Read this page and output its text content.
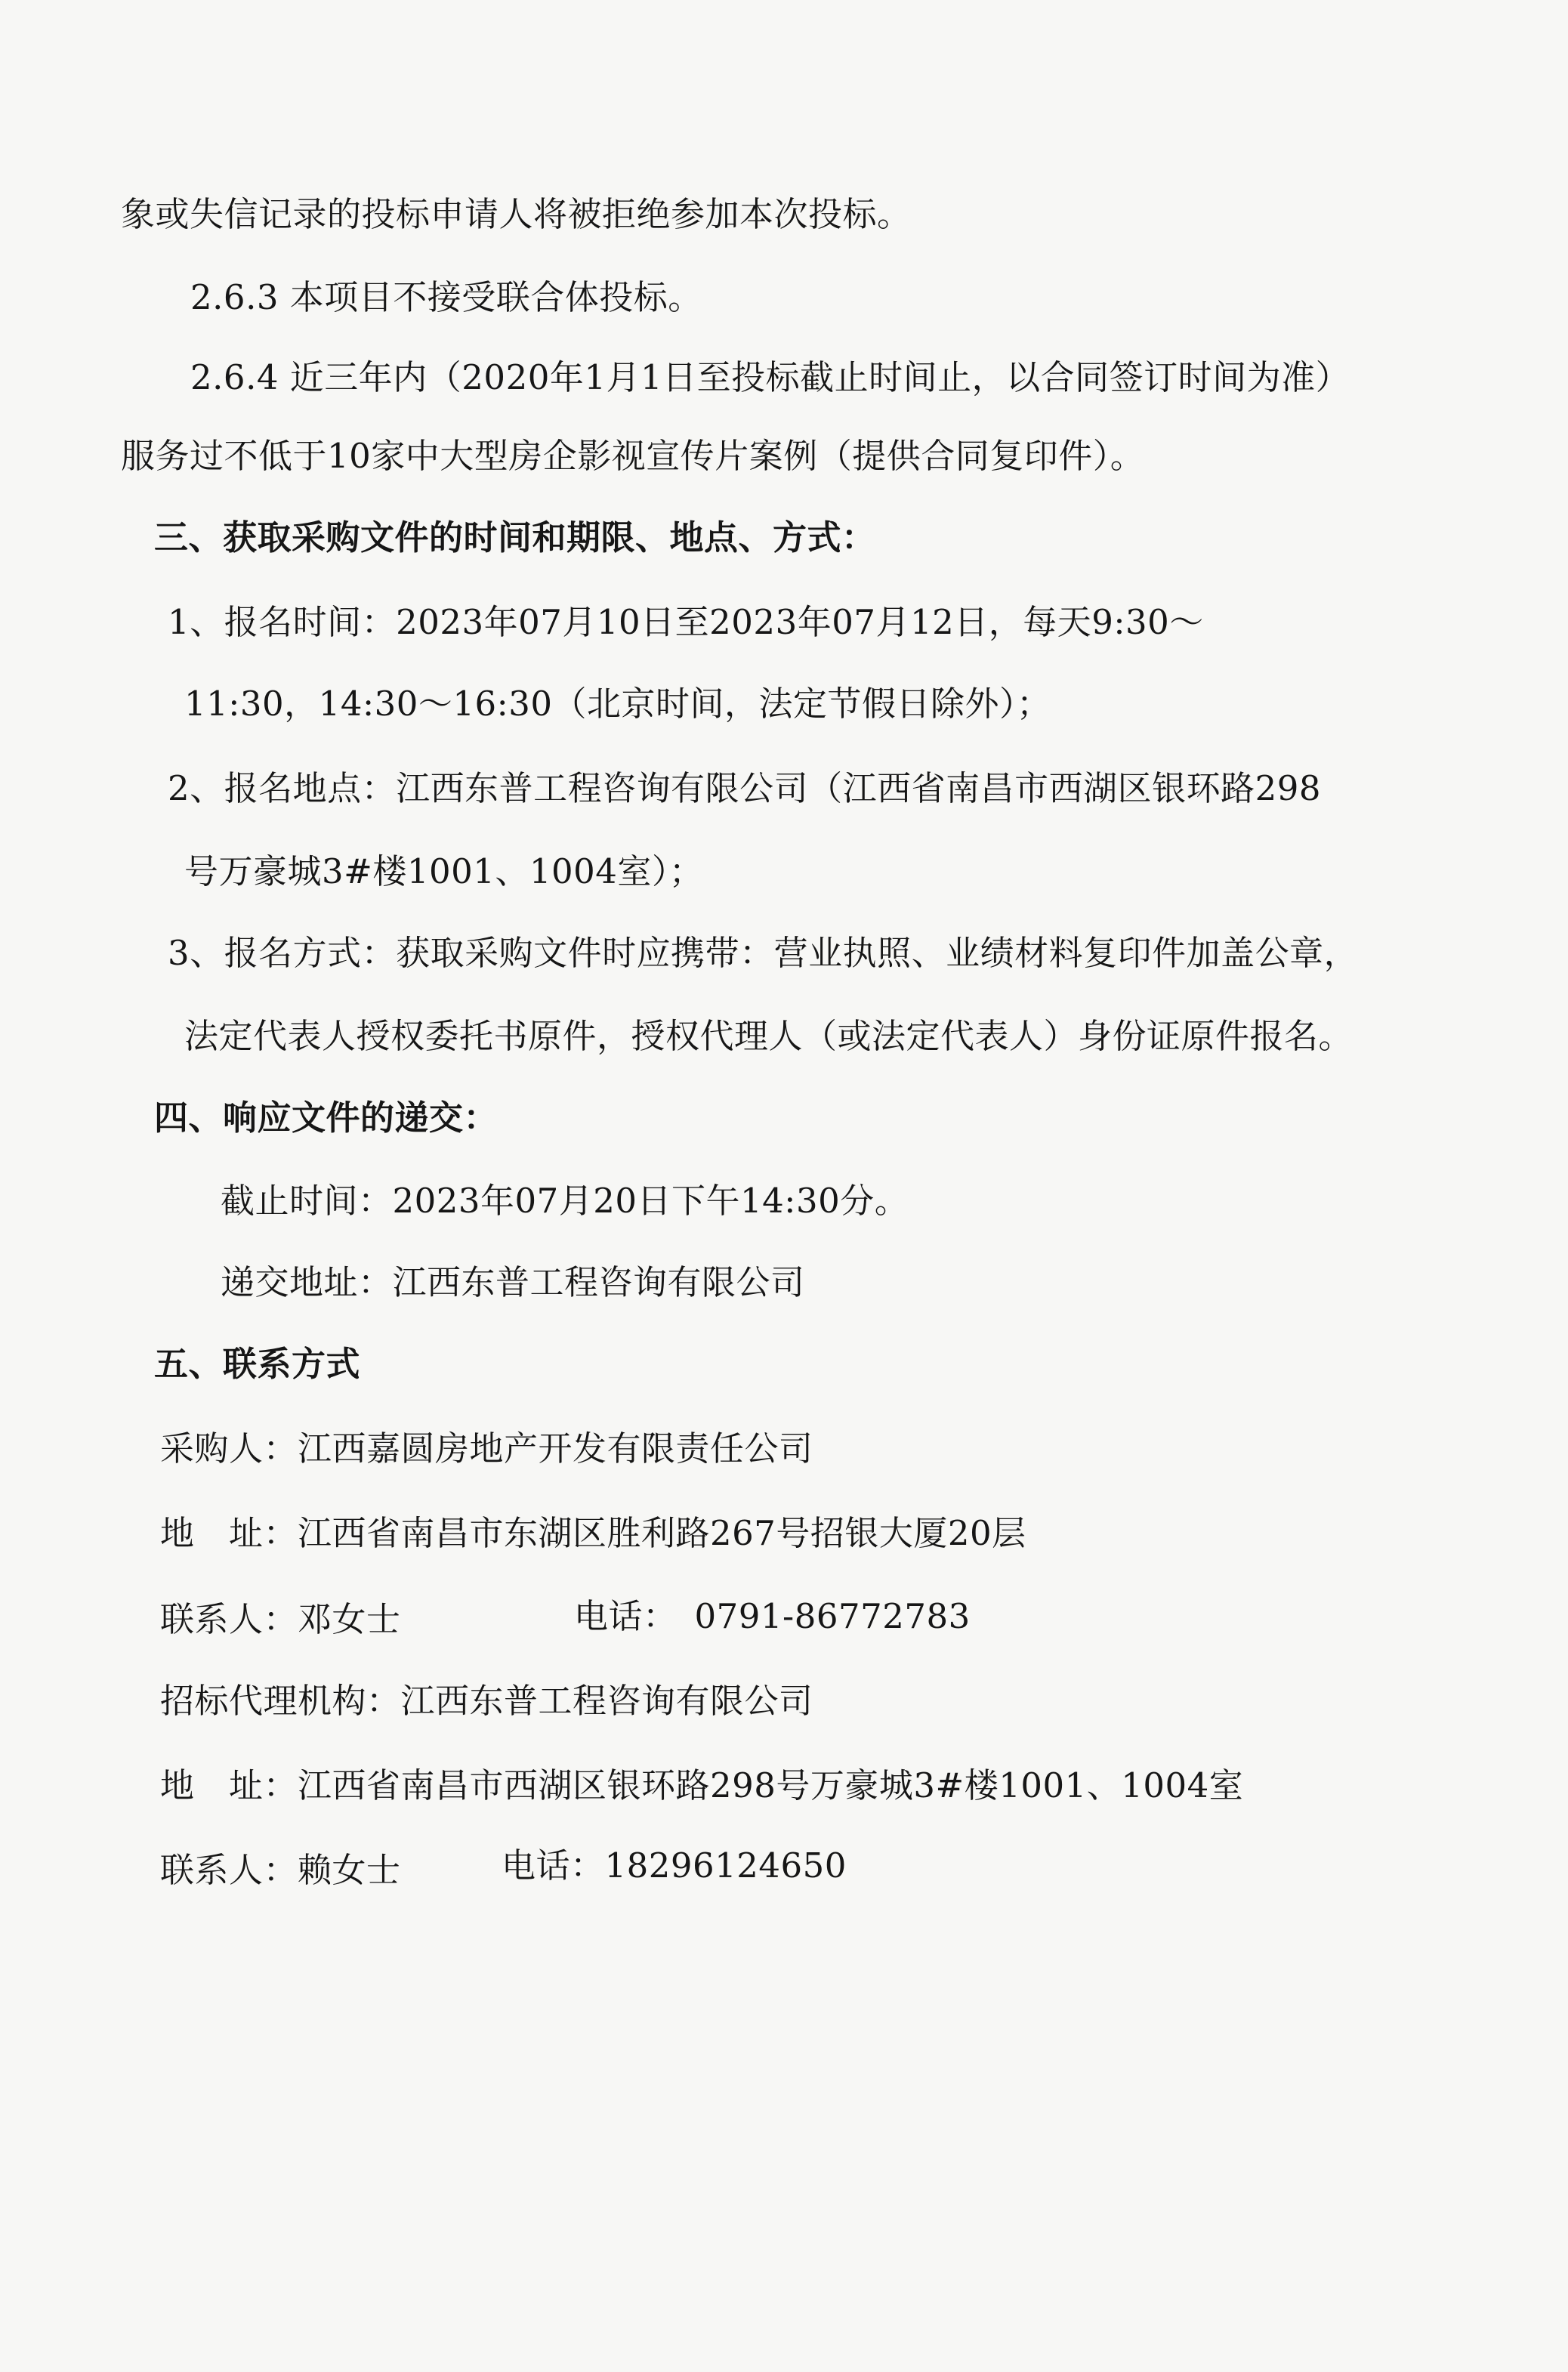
象或失信记录的投标申请人将被拒绝参加本次投标。
2.6.3 本项目不接受联合体投标。
2.6.4 近三年内（2020年1月1日至投标截止时间止，以合同签订时间为准）
服务过不低于10家中大型房企影视宣传片案例（提供合同复印件）。
三、获取采购文件的时间和期限、地点、方式：
1、报名时间：2023年07月10日至2023年07月12日，每天9:30～
11:30，14:30～16:30（北京时间，法定节假日除外）；
2、报名地点：江西东普工程咨询有限公司（江西省南昌市西湖区银环路298
号万豪城3#楼1001、1004室）；
3、报名方式：获取采购文件时应携带：营业执照、业绩材料复印件加盖公章，
法定代表人授权委托书原件，授权代理人（或法定代表人）身份证原件报名。
四、响应文件的递交：
截止时间：2023年07月20日下午14:30分。
递交地址：江西东普工程咨询有限公司
五、联系方式
采购人：江西嘉圆房地产开发有限责任公司
地　址：江西省南昌市东湖区胜利路267号招银大厦20层
联系人：邓女士	电话：　0791-86772783
招标代理机构：江西东普工程咨询有限公司
地　址：江西省南昌市西湖区银环路298号万豪城3#楼1001、1004室
联系人：赖女士	电话：18296124650
